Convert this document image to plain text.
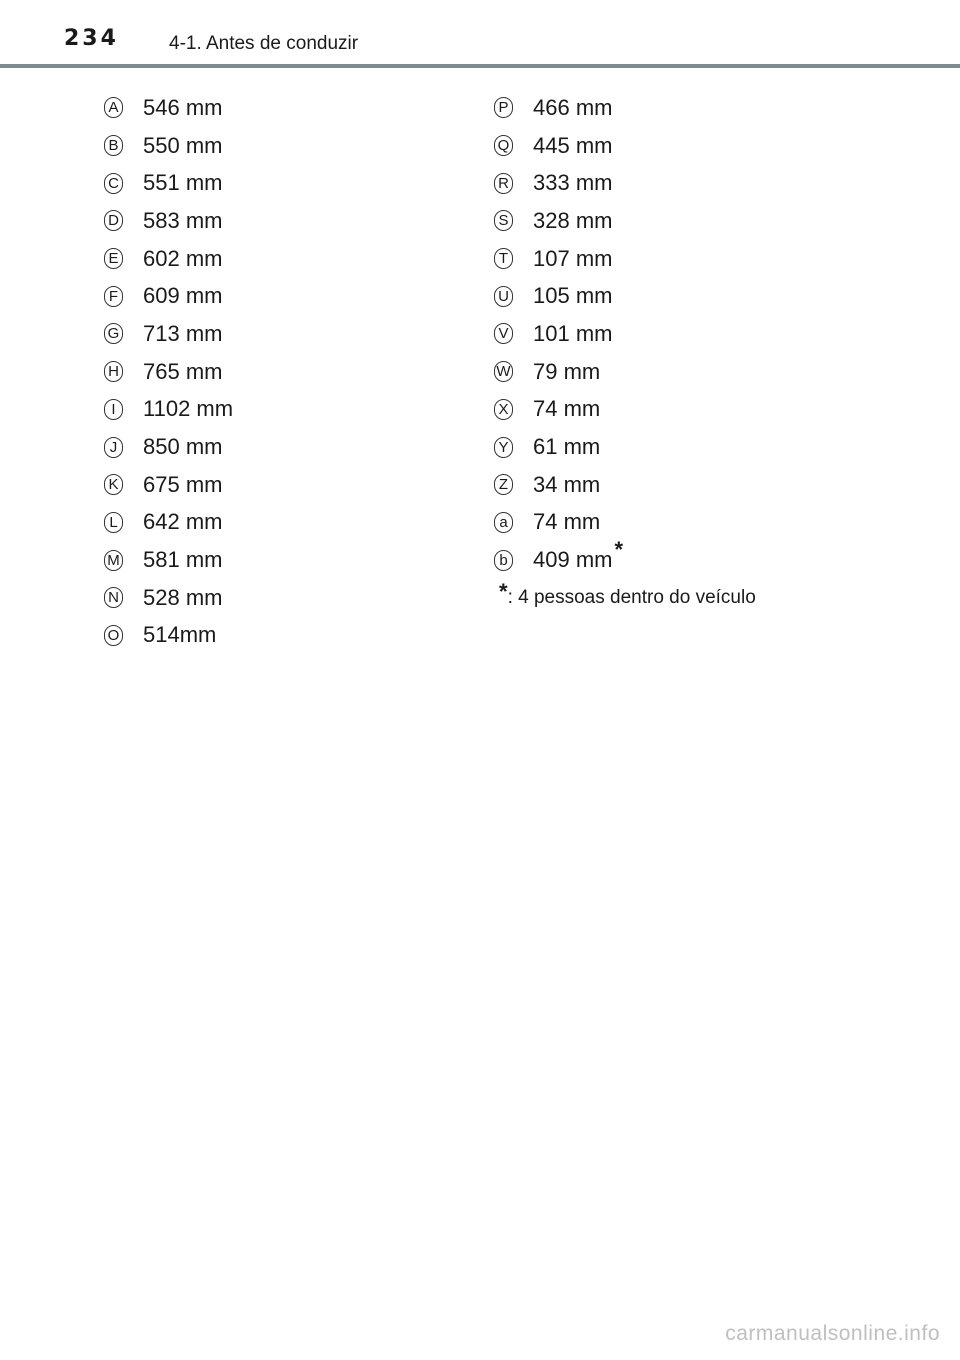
234	4-1. Antes de conduzir
A 546 mm
B 550 mm
C 551 mm
D 583 mm
E 602 mm
F 609 mm
G 713 mm
H 765 mm
I	1102 mm
J 850 mm
K 675 mm
L 642 mm
M 581 mm
N 528 mm
O 514mm
P 466 mm
Q 445 mm
R 333 mm
S 328 mm
T 107 mm
U 105 mm
V 101 mm
W 79 mm
X 74 mm
Y 61 mm
Z 34 mm
a 74 mm
b 409 mm *
* : 4 pessoas dentro do veículo
carmanualsonline.info
